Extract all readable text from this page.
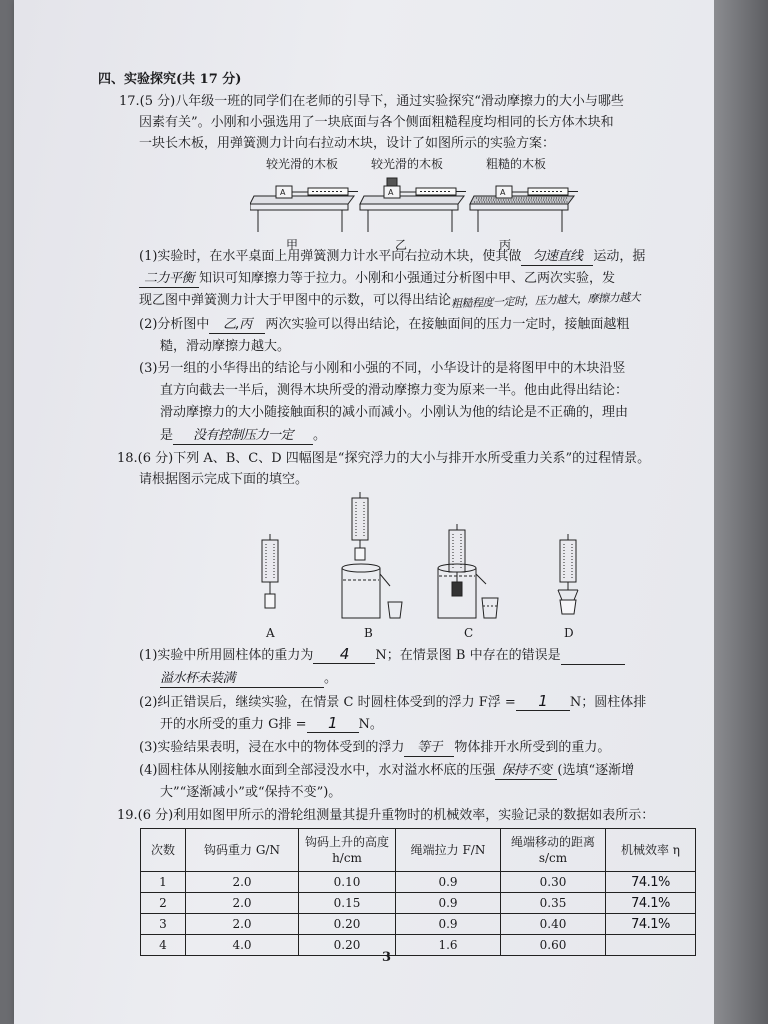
四、实验探究(共 17 分)
17.(5 分)八年级一班的同学们在老师的引导下，通过实验探究“滑动摩擦力的大小与哪些
因素有关”。小刚和小强选用了一块底面与各个侧面粗糙程度均相同的长方体木块和
一块长木板，用弹簧测力计向右拉动木块，设计了如图所示的实验方案：
较光滑的木板	较光滑的木板	粗糙的木板
A	A	A
甲	乙	丙
(1)实验时，在水平桌面上用弹簧测力计水平向右拉动木块，使其做 匀速直线 运动，据
二力平衡 知识可知摩擦力等于拉力。小刚和小强通过分析图中甲、乙两次实验，发
现乙图中弹簧测力计大于甲图中的示数，可以得出结论粗糙程度一定时，压力越大，摩擦力越大
(2)分析图中 乙,丙 两次实验可以得出结论，在接触面间的压力一定时，接触面越粗
糙，滑动摩擦力越大。
(3)另一组的小华得出的结论与小刚和小强的不同，小华设计的是将图甲中的木块沿竖
直方向截去一半后，测得木块所受的滑动摩擦力变为原来一半。他由此得出结论：
滑动摩擦力的大小随接触面积的减小而减小。小刚认为他的结论是不正确的，理由
是 没有控制压力一定 。
18.(6 分)下列 A、B、C、D 四幅图是“探究浮力的大小与排开水所受重力关系”的过程情景。
请根据图示完成下面的填空。
A	B	C	D
(1)实验中所用圆柱体的重力为 4 N；在情景图 B 中存在的错误是
溢水杯未装满	。
(2)纠正错误后，继续实验，在情景 C 时圆柱体受到的浮力 F浮 = 1 N；圆柱体排
开的水所受的重力 G排 = 1 N。
(3)实验结果表明，浸在水中的物体受到的浮力 等于 物体排开水所受到的重力。
(4)圆柱体从刚接触水面到全部浸没水中，水对溢水杯底的压强 保持不变 (选填“逐渐增
大”“逐渐减小”或“保持不变”)。
19.(6 分)利用如图甲所示的滑轮组测量其提升重物时的机械效率，实验记录的数据如表所示：
次数	钩码重力 G/N	钩码上升的高度 h/cm	绳端拉力 F/N	绳端移动的距离 s/cm	机械效率 η
1	2.0	0.10	0.9	0.30	74.1%
2	2.0	0.15	0.9	0.35	74.1%
3	2.0	0.20	0.9	0.40	74.1%
4	4.0	0.20	1.6	0.60	
3
